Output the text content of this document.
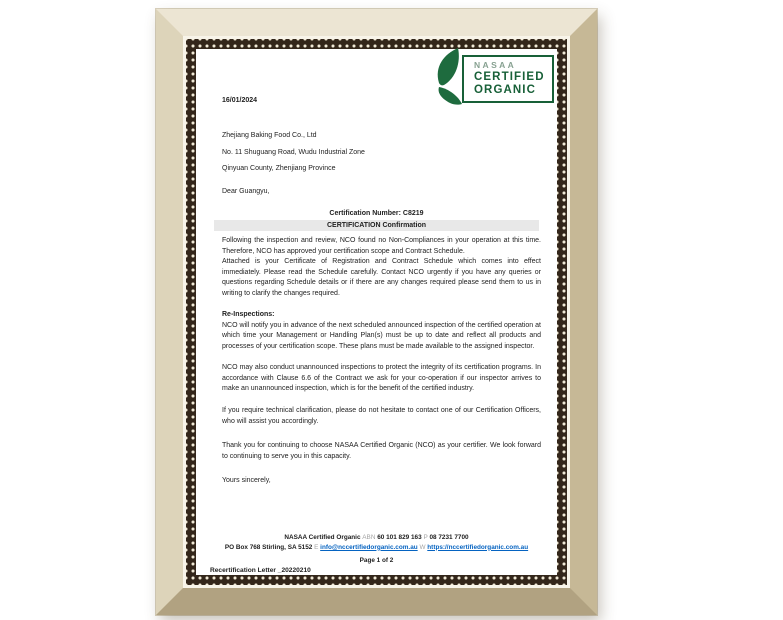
NASAA
CERTIFIED
ORGANIC
16/01/2024
Zhejiang Baking Food Co., Ltd
No. 11 Shuguang Road, Wudu Industrial Zone
Qinyuan County, Zhenjiang Province
Dear Guangyu,
Certification Number: C8219
CERTIFICATION Confirmation
Following the inspection and review, NCO found no Non-Compliances in your operation at this time. Therefore, NCO has approved your certification scope and Contract Schedule.
Attached is your Certificate of Registration and Contract Schedule which comes into effect immediately. Please read the Schedule carefully. Contact NCO urgently if you have any queries or questions regarding Schedule details or if there are any changes required please send them to us in writing to clarify the changes required.
Re-Inspections:
NCO will notify you in advance of the next scheduled announced inspection of the certified operation at which time your Management or Handling Plan(s) must be up to date and reflect all products and processes of your certification scope. These plans must be made available to the assigned inspector.
NCO may also conduct unannounced inspections to protect the integrity of its certification programs. In accordance with Clause 6.6 of the Contract we ask for your co-operation if our inspector arrives to make an unannounced inspection, which is for the benefit of the certified industry.
If you require technical clarification, please do not hesitate to contact one of our Certification Officers, who will assist you accordingly.
Thank you for continuing to choose NASAA Certified Organic (NCO) as your certifier. We look forward to continuing to serve you in this capacity.
Yours sincerely,
NASAA Certified Organic ABN 60 101 829 163 P 08 7231 7700
PO Box 768 Stirling, SA 5152 E info@nccertifiedorganic.com.au W https://nccertifiedorganic.com.au
Page 1 of 2
Recertification Letter _20220210
